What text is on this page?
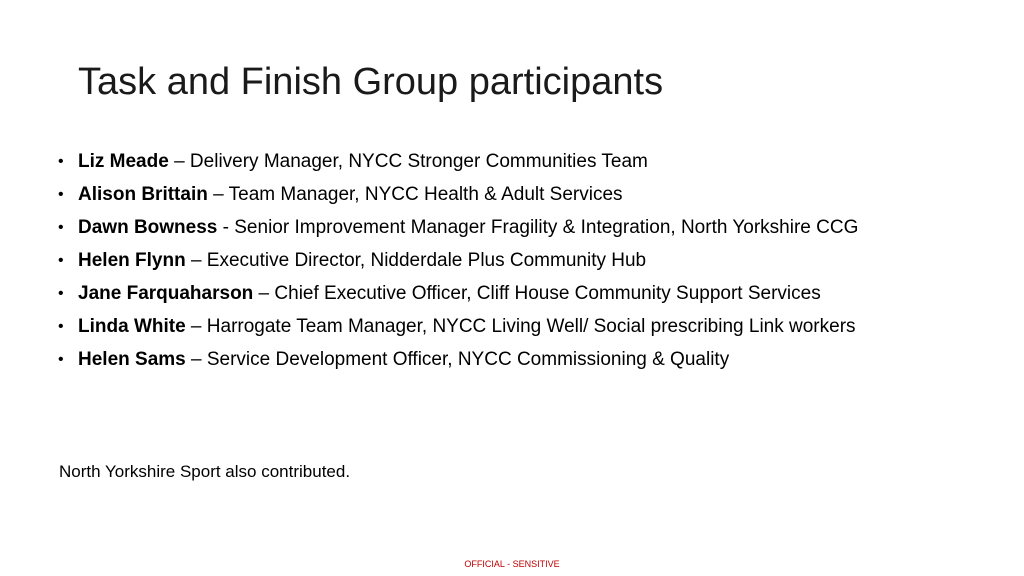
Task and Finish Group participants
• Liz Meade – Delivery Manager, NYCC Stronger Communities Team
• Alison Brittain – Team Manager, NYCC Health & Adult Services
• Dawn Bowness - Senior Improvement Manager Fragility & Integration, North Yorkshire CCG
• Helen Flynn – Executive Director, Nidderdale Plus Community Hub
• Jane Farquaharson – Chief Executive Officer, Cliff House Community Support Services
• Linda White – Harrogate Team Manager, NYCC Living Well/ Social prescribing Link workers
• Helen Sams – Service Development Officer, NYCC Commissioning & Quality

North Yorkshire Sport also contributed.

OFFICIAL - SENSITIVE
